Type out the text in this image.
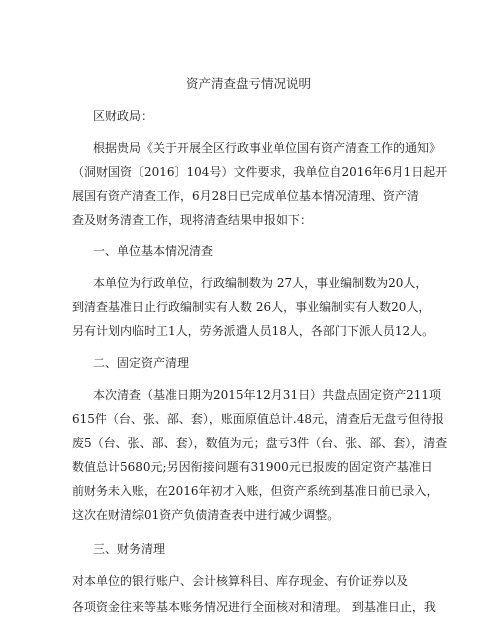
资产清查盘亏情况说明
区财政局：
根据贵局《关于开展全区行政事业单位国有资产清查工作的通知》
（洞财国资〔2016〕104号）文件要求，我单位自2016年6月1日起开
展国有资产清查工作，6月28日已完成单位基本情况清理、资产清
查及财务清查工作，现将清查结果申报如下：
一、单位基本情况清查
本单位为行政单位，行政编制数为 27人，事业编制数为20人，
到清查基准日止行政编制实有人数 26人，事业编制实有人数20人，
另有计划内临时工1人，劳务派遣人员18人，各部门下派人员12人。
二、固定资产清理
本次清查（基准日期为2015年12月31日）共盘点固定资产211项
615件（台、张、部、套），账面原值总计.48元，清查后无盘亏但待报
废5（台、张、部、套），数值为元；盘亏3件（台、张、部、套），清查
数值总计5680元;另因衔接问题有31900元已报废的固定资产基准日
前财务未入账，在2016年初才入账，但资产系统到基准日前已录入，
这次在财清综01资产负债清查表中进行减少调整。
三、财务清理
对本单位的银行账户、会计核算科目、库存现金、有价证券以及
各项资金往来等基本账务情况进行全面核对和清理。 到基准日止，我
